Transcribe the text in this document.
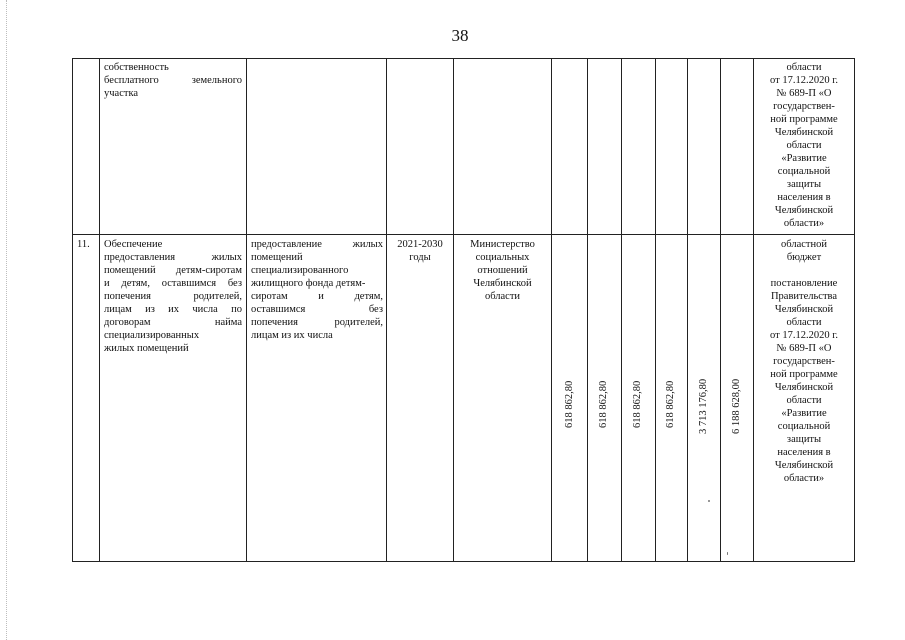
38
собственность
бесплатного земельного
участка
области
от 17.12.2020 г.
№ 689-П «О
государствен-
ной программе
Челябинской
области
«Развитие
социальной
защиты
населения в
Челябинской
области»
11. Обеспечение
предоставления жилых
помещений детям-сиротам
и детям, оставшимся без
попечения родителей,
лицам из их числа по
договорам найма
специализированных
жилых помещений
предоставление жилых
помещений
специализированного
жилищного фонда детям-
сиротам и детям,
оставшимся без
попечения родителей,
лицам из их числа
2021-2030
годы
Министерство
социальных
отношений
Челябинской
области
618 862,80 618 862,80 618 862,80 618 862,80 3 713 176,80 6 188 628,00
областной
бюджет
постановление
Правительства
Челябинской
области
от 17.12.2020 г.
№ 689-П «О
государствен-
ной программе
Челябинской
области
«Развитие
социальной
защиты
населения в
Челябинской
области»
